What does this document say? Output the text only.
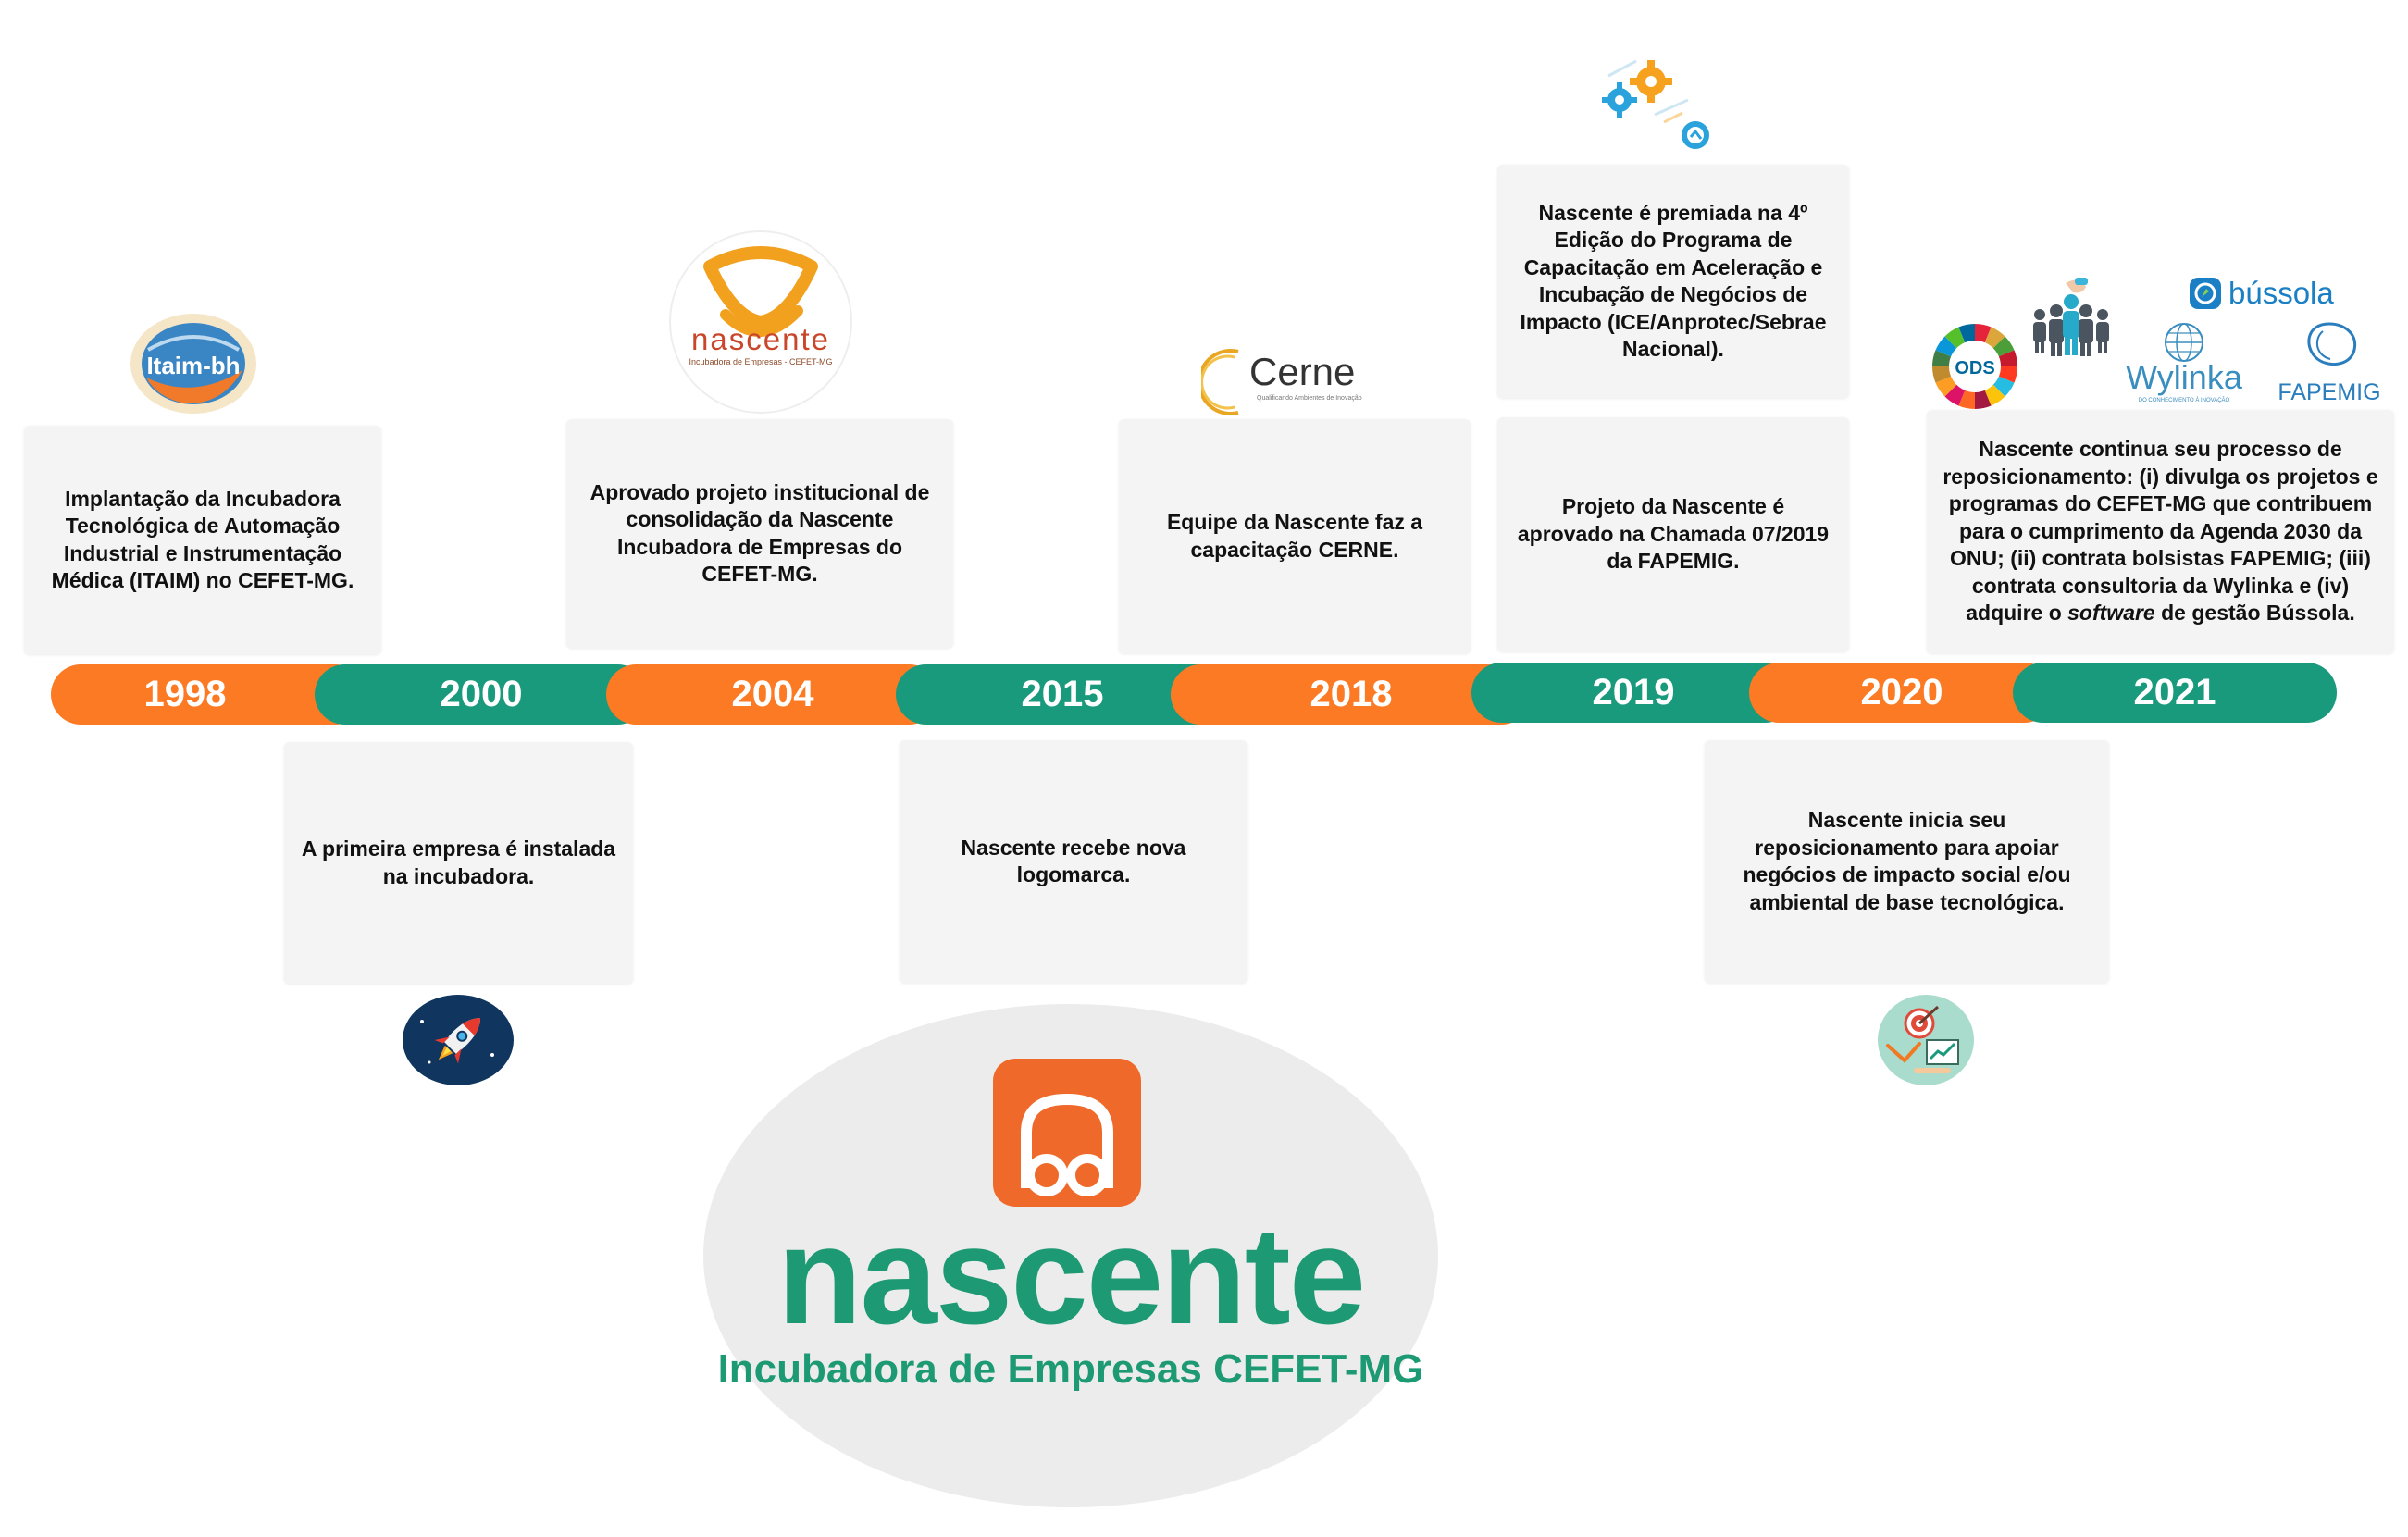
1998	2000	2004	2015	2018	2019	2020	2021
Implantação da Incubadora Tecnológica de Automação Industrial e Instrumentação Médica (ITAIM) no CEFET-MG.
A primeira empresa é instalada na incubadora.
Aprovado projeto institucional de consolidação da Nascente Incubadora de Empresas do CEFET-MG.
Nascente recebe nova logomarca.
Equipe da Nascente faz a capacitação CERNE.
Nascente é premiada na 4º Edição do Programa de Capacitação em Aceleração e Incubação de Negócios de Impacto (ICE/Anprotec/Sebrae Nacional).
Projeto da Nascente é aprovado na Chamada 07/2019 da FAPEMIG.
Nascente inicia seu reposicionamento para apoiar negócios de impacto social e/ou ambiental de base tecnológica.
Nascente continua seu processo de reposicionamento: (i) divulga os projetos e programas do CEFET-MG que contribuem para o cumprimento da Agenda 2030 da ONU; (ii) contrata bolsistas FAPEMIG; (iii) contrata consultoria da Wylinka e (iv) adquire o software de gestão Bússola.
Itaim-bh
nascente
Incubadora de Empresas - CEFET-MG	Cerne
Qualificando Ambientes de Inovação
ODS
bússola
Wylinka
DO CONHECIMENTO À INOVAÇÃO FAPEMIG
nascente
Incubadora de Empresas CEFET-MG
